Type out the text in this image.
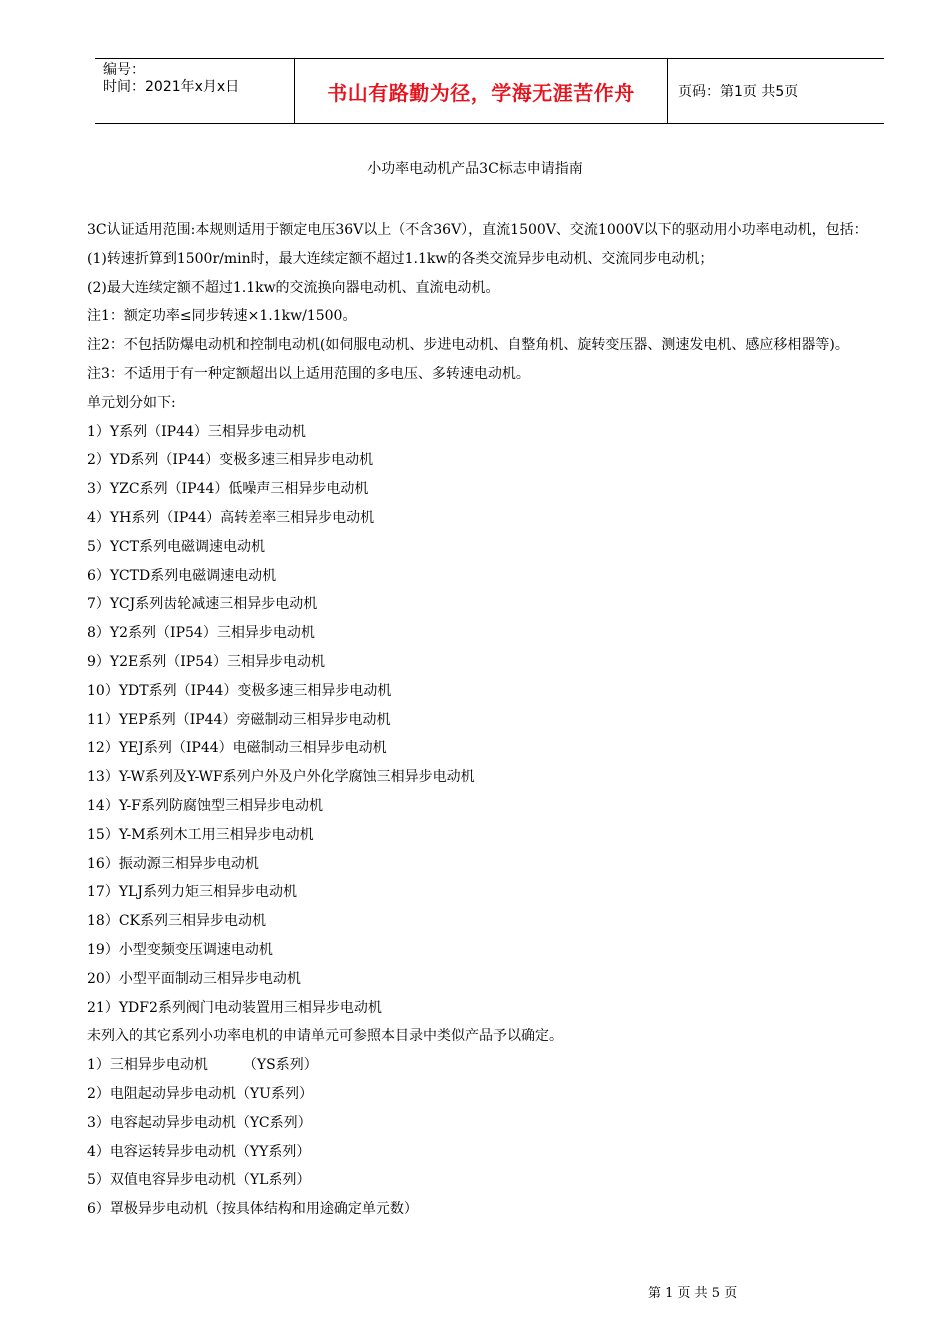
编号：
时间：2021年x月x日	书山有路勤为径，学海无涯苦作舟	页码：第1页 共5页
小功率电动机产品3C标志申请指南

3C认证适用范围:本规则适用于额定电压36V以上（不含36V），直流1500V、交流1000V以下的驱动用小功率电动机，包括：

(1)转速折算到1500r/min时，最大连续定额不超过1.1kw的各类交流异步电动机、交流同步电动机；

(2)最大连续定额不超过1.1kw的交流换向器电动机、直流电动机。

注1：额定功率≤同步转速×1.1kw/1500。

注2：不包括防爆电动机和控制电动机(如伺服电动机、步进电动机、自整角机、旋转变压器、测速发电机、感应移相器等)。

注3：不适用于有一种定额超出以上适用范围的多电压、多转速电动机。

单元划分如下:

1）Y系列（IP44）三相异步电动机

2）YD系列（IP44）变极多速三相异步电动机

3）YZC系列（IP44）低噪声三相异步电动机

4）YH系列（IP44）高转差率三相异步电动机

5）YCT系列电磁调速电动机

6）YCTD系列电磁调速电动机

7）YCJ系列齿轮减速三相异步电动机

8）Y2系列（IP54）三相异步电动机

9）Y2E系列（IP54）三相异步电动机

10）YDT系列（IP44）变极多速三相异步电动机

11）YEP系列（IP44）旁磁制动三相异步电动机

12）YEJ系列（IP44）电磁制动三相异步电动机

13）Y-W系列及Y-WF系列户外及户外化学腐蚀三相异步电动机

14）Y-F系列防腐蚀型三相异步电动机

15）Y-M系列木工用三相异步电动机

16）振动源三相异步电动机

17）YLJ系列力矩三相异步电动机

18）CK系列三相异步电动机

19）小型变频变压调速电动机

20）小型平面制动三相异步电动机

21）YDF2系列阀门电动装置用三相异步电动机

未列入的其它系列小功率电机的申请单元可参照本目录中类似产品予以确定。

1）三相异步电动机　　　（YS系列）

2）电阻起动异步电动机（YU系列）

3）电容起动异步电动机（YC系列）

4）电容运转异步电动机（YY系列）

5）双值电容异步电动机（YL系列）

6）罩极异步电动机（按具体结构和用途确定单元数）

第 1 页 共 5 页
